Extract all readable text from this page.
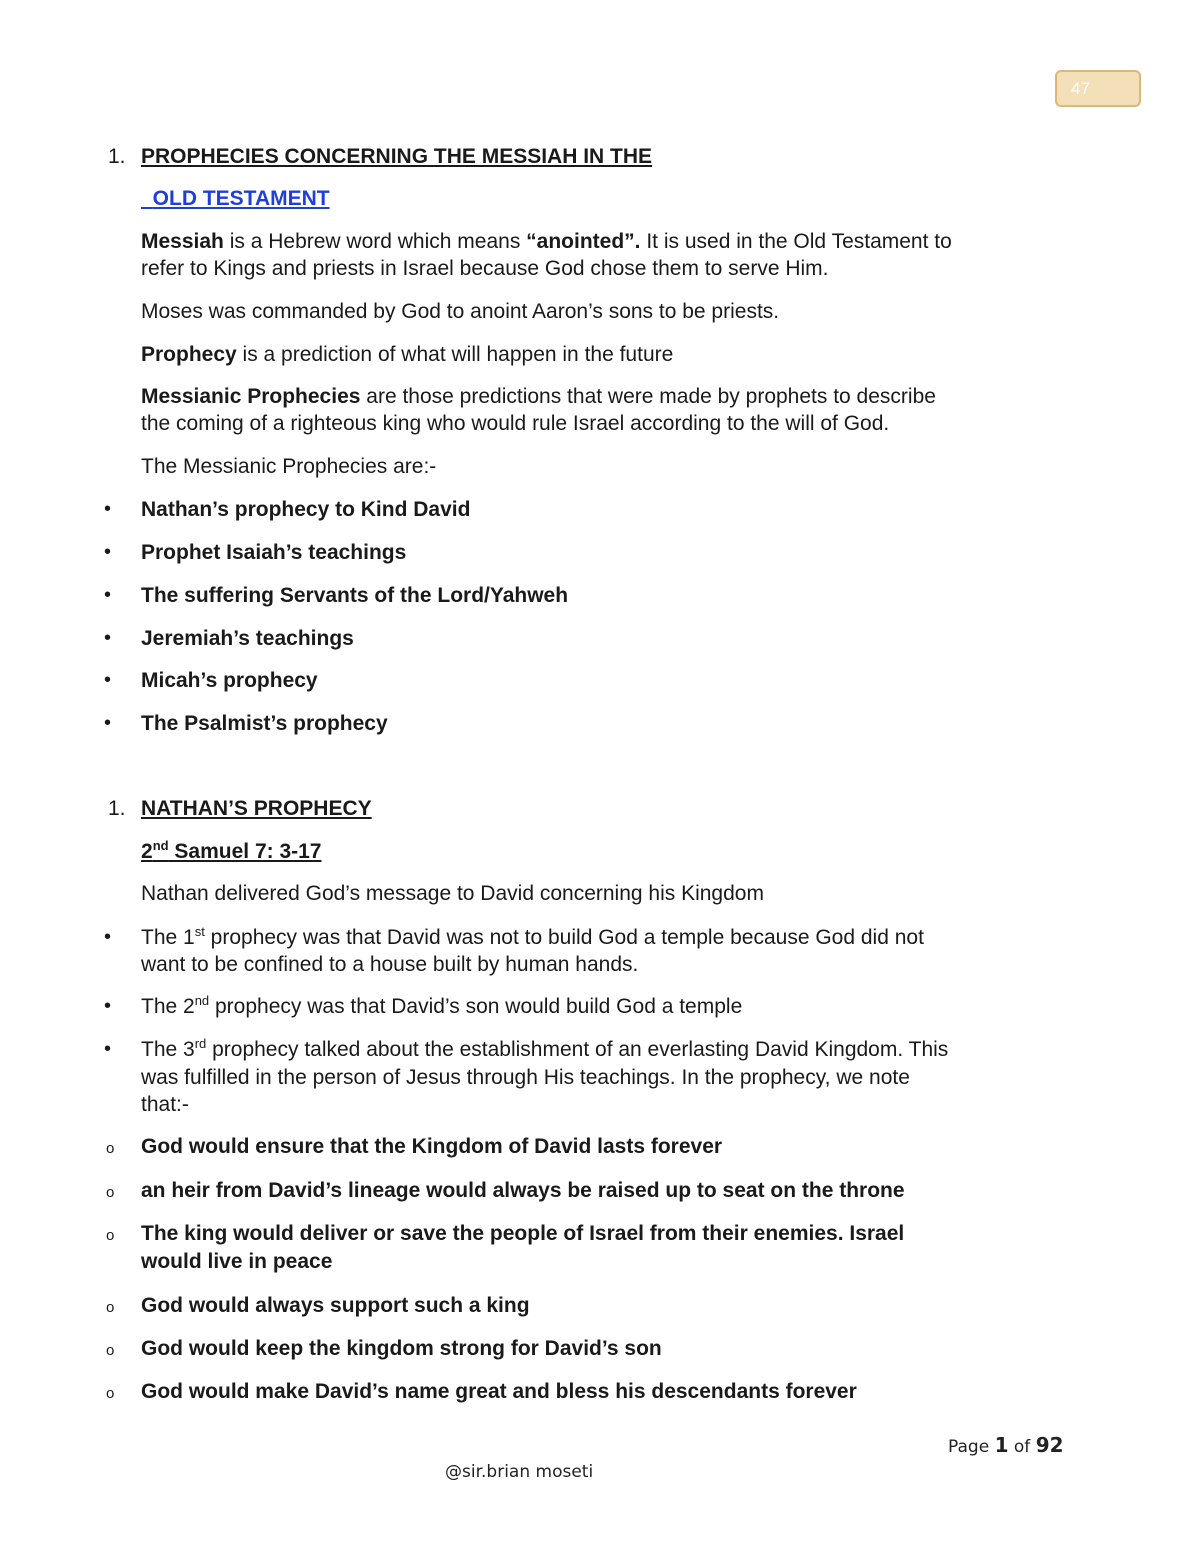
47
1. PROPHECIES CONCERNING THE MESSIAH IN THE
OLD TESTAMENT
Messiah is a Hebrew word which means “anointed”. It is used in the Old Testament to
refer to Kings and priests in Israel because God chose them to serve Him.
Moses was commanded by God to anoint Aaron’s sons to be priests.
Prophecy is a prediction of what will happen in the future
Messianic Prophecies are those predictions that were made by prophets to describe
the coming of a righteous king who would rule Israel according to the will of God.
The Messianic Prophecies are:-
• Nathan’s prophecy to Kind David
• Prophet Isaiah’s teachings
• The suffering Servants of the Lord/Yahweh
• Jeremiah’s teachings
• Micah’s prophecy
• The Psalmist’s prophecy
1. NATHAN’S PROPHECY
2nd Samuel 7: 3-17
Nathan delivered God’s message to David concerning his Kingdom
• The 1st prophecy was that David was not to build God a temple because God did not
want to be confined to a house built by human hands.
• The 2nd prophecy was that David’s son would build God a temple
• The 3rd prophecy talked about the establishment of an everlasting David Kingdom. This
was fulfilled in the person of Jesus through His teachings. In the prophecy, we note
that:-
o God would ensure that the Kingdom of David lasts forever
o an heir from David’s lineage would always be raised up to seat on the throne
o The king would deliver or save the people of Israel from their enemies. Israel
would live in peace
o God would always support such a king
o God would keep the kingdom strong for David’s son
o God would make David’s name great and bless his descendants forever
Page 1 of 92
@sir.brian moseti
